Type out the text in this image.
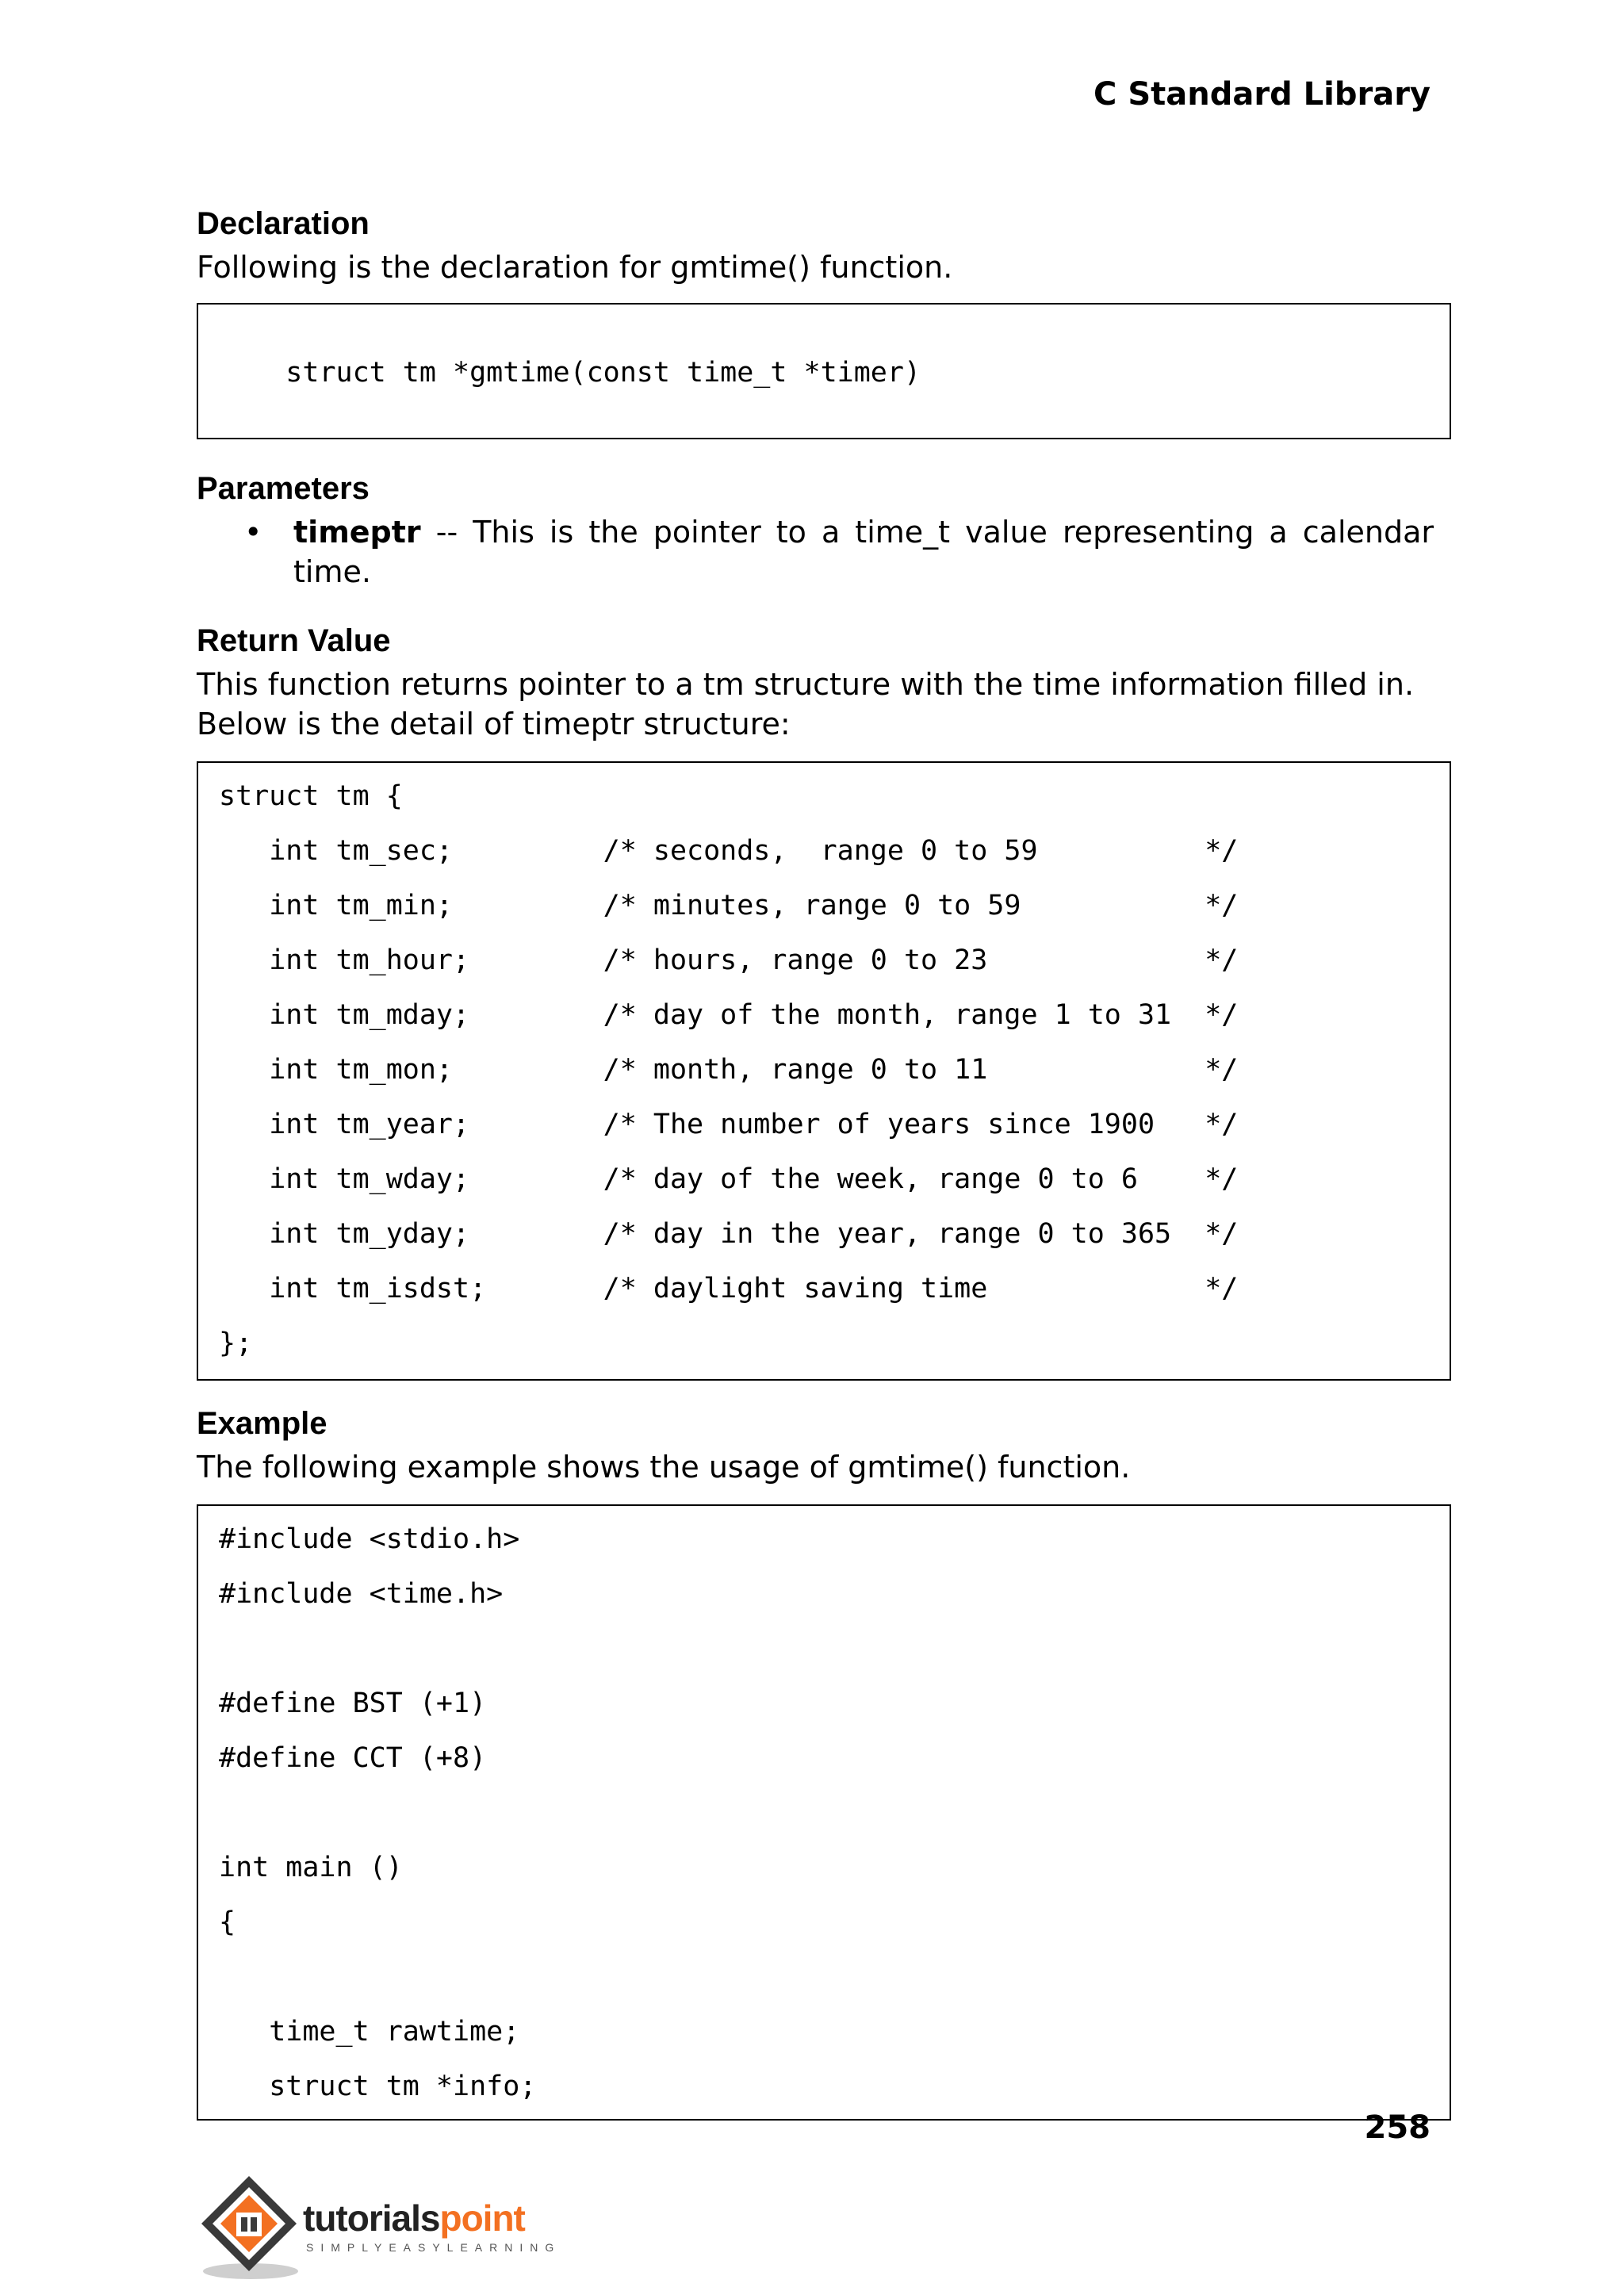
C Standard Library

Declaration

Following is the declaration for gmtime() function.

struct tm *gmtime(const time_t *timer)

Parameters

•	timeptr -- This is the pointer to a time_t value representing a calendar time.

Return Value

This function returns pointer to a tm structure with the time information filled in.

Below is the detail of timeptr structure:

struct tm {
int tm_sec;         /* seconds,  range 0 to 59          */
int tm_min;         /* minutes, range 0 to 59           */
int tm_hour;        /* hours, range 0 to 23             */
int tm_mday;        /* day of the month, range 1 to 31  */
int tm_mon;         /* month, range 0 to 11             */
int tm_year;        /* The number of years since 1900   */
int tm_wday;        /* day of the week, range 0 to 6    */
int tm_yday;        /* day in the year, range 0 to 365  */
int tm_isdst;       /* daylight saving time             */
};

Example

The following example shows the usage of gmtime() function.

#include <stdio.h>
#include <time.h>
#define BST (+1)
#define CCT (+8)
int main ()
{
time_t rawtime;
struct tm *info;
258
tutorialspoint
SIMPLYEASYLEARNING
